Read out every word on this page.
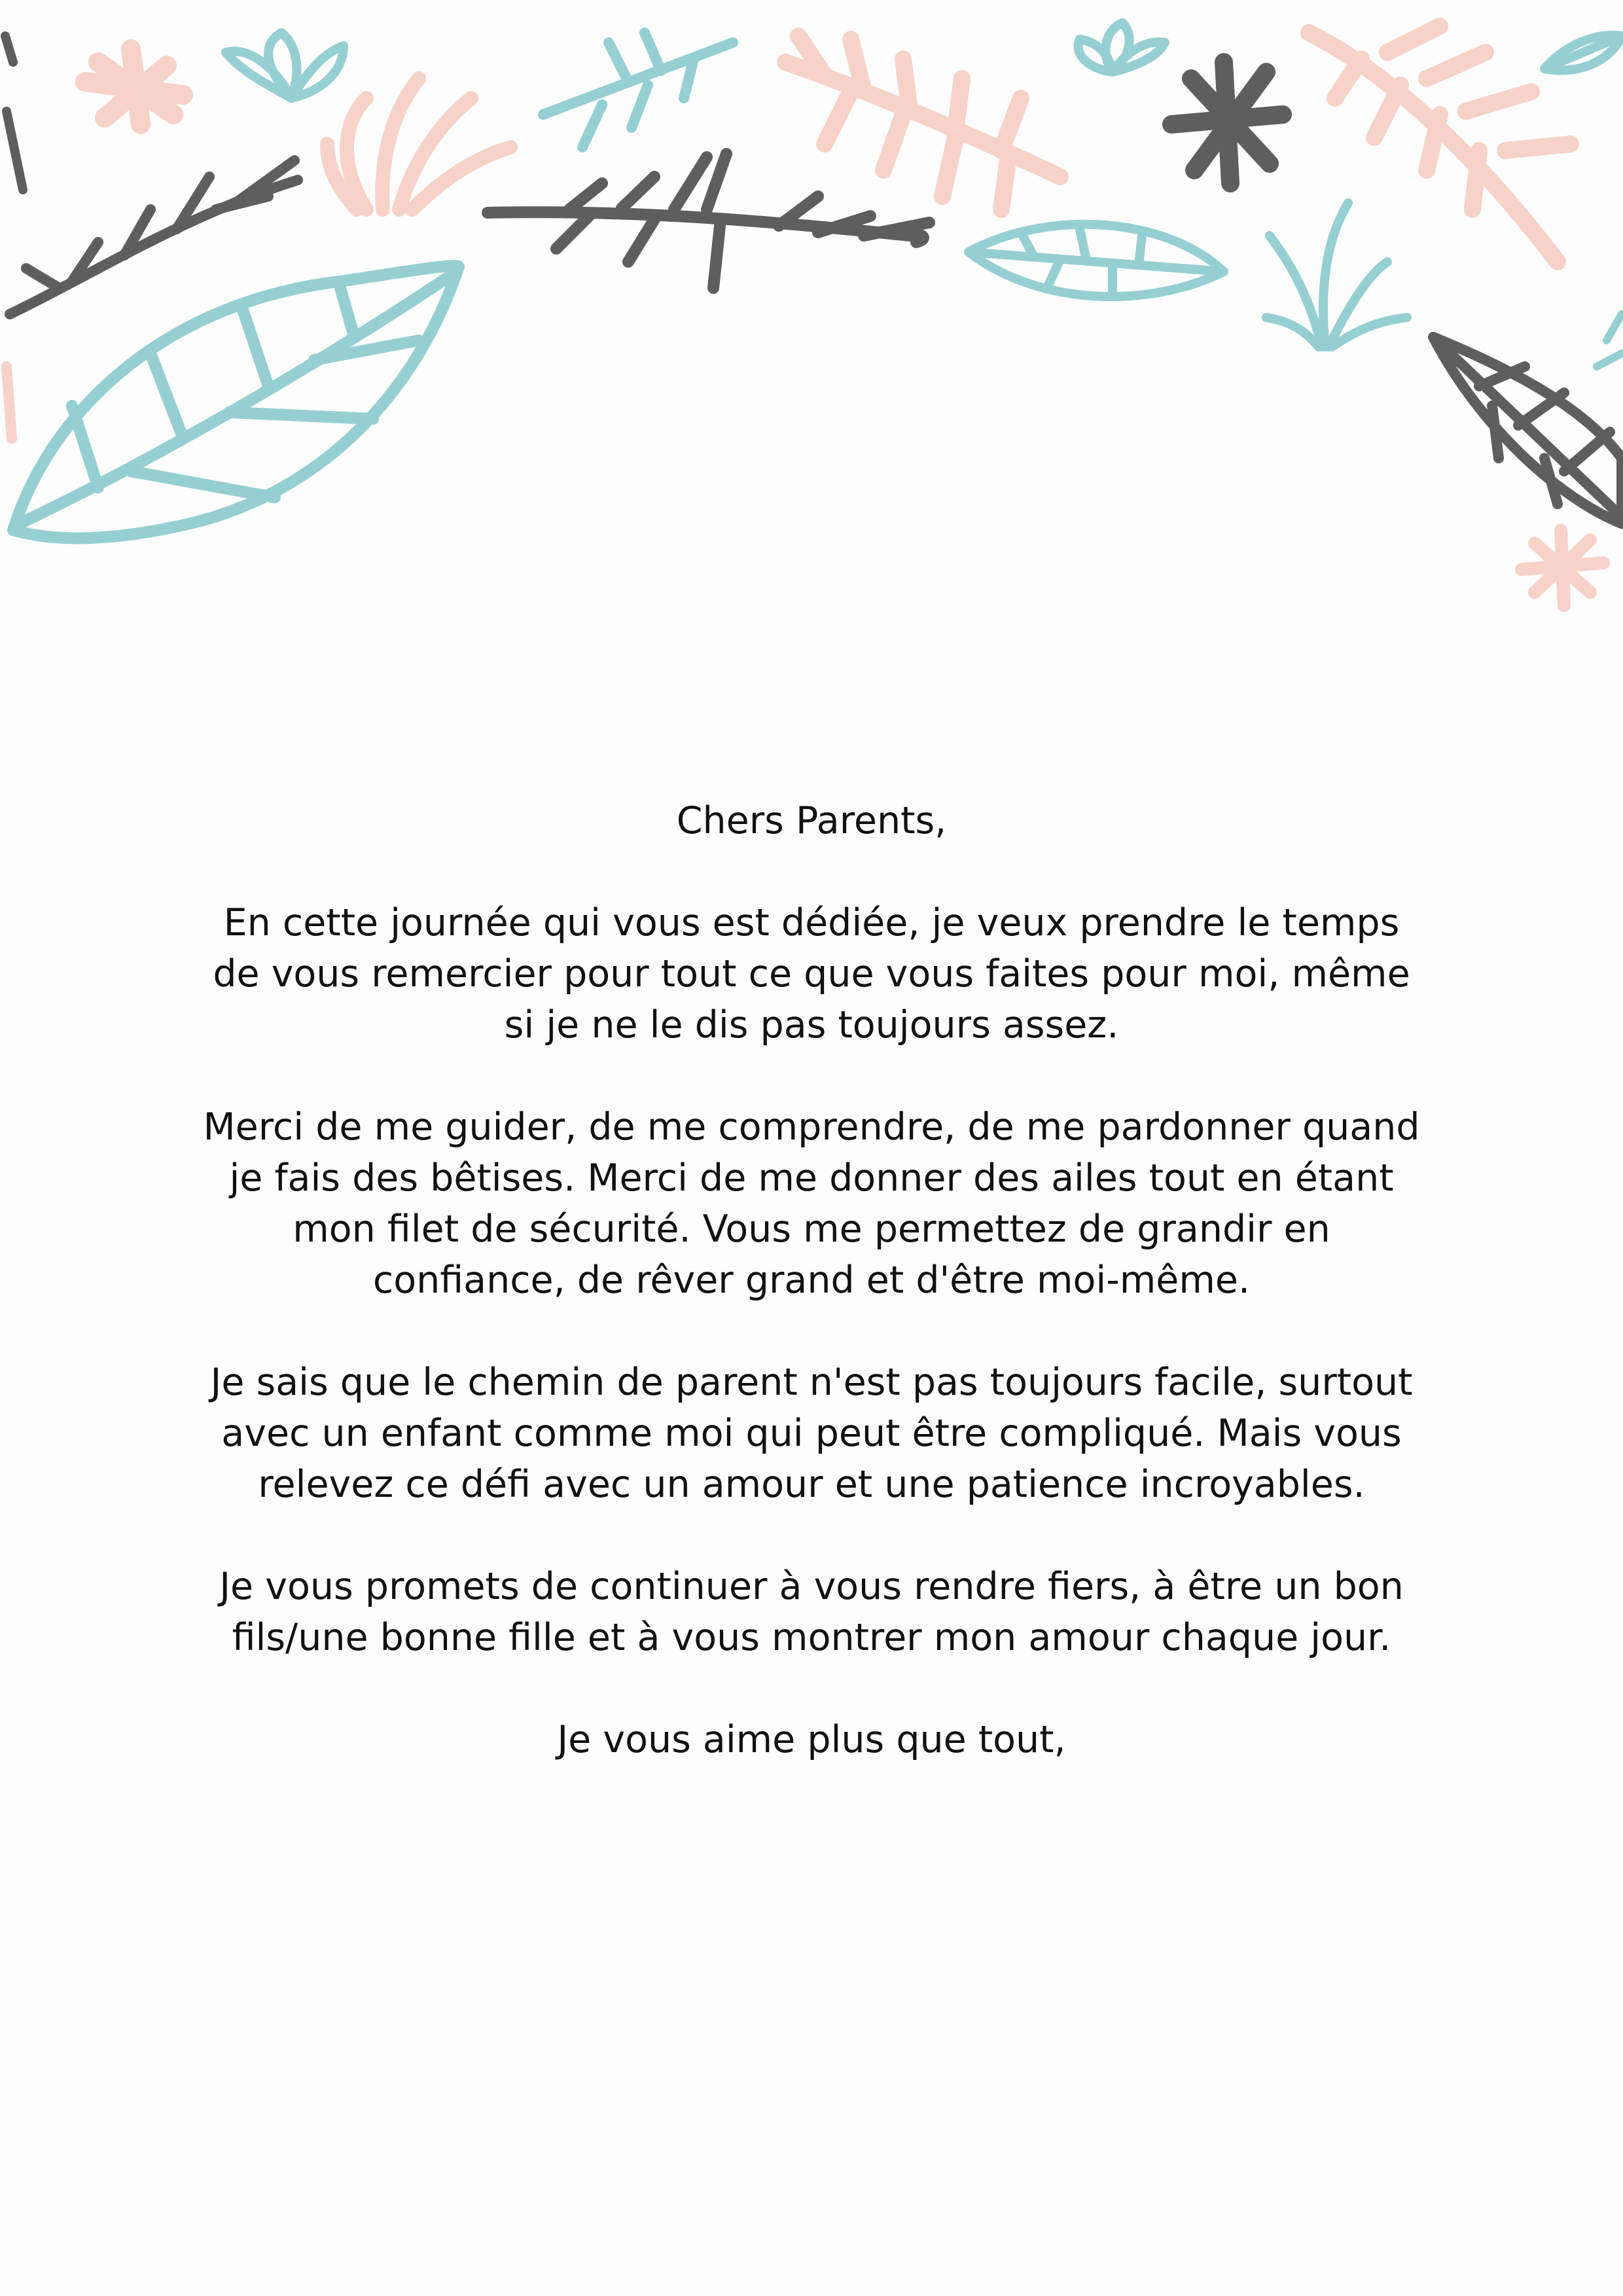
Chers Parents,

En cette journée qui vous est dédiée, je veux prendre le temps de vous remercier pour tout ce que vous faites pour moi, même si je ne le dis pas toujours assez.

Merci de me guider, de me comprendre, de me pardonner quand je fais des bêtises. Merci de me donner des ailes tout en étant mon filet de sécurité. Vous me permettez de grandir en confiance, de rêver grand et d'être moi-même.

Je sais que le chemin de parent n'est pas toujours facile, surtout avec un enfant comme moi qui peut être compliqué. Mais vous relevez ce défi avec un amour et une patience incroyables.

Je vous promets de continuer à vous rendre fiers, à être un bon fils/une bonne fille et à vous montrer mon amour chaque jour.

Je vous aime plus que tout,
